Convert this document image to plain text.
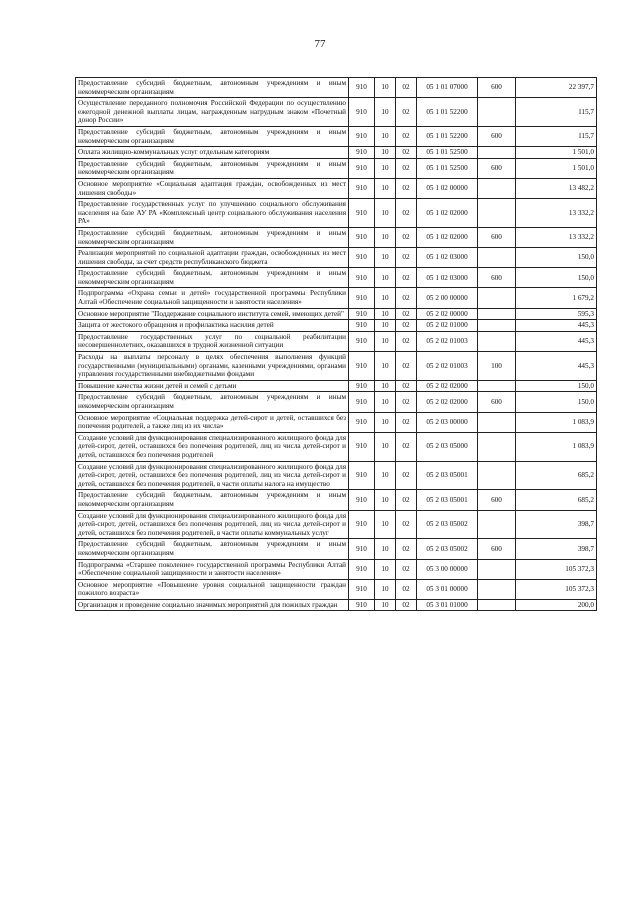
77
Предоставление субсидий бюджетным, автономным учреждениям и иным некоммерческим организациям	910	10	02	05 1 01 07000	600	22 397,7
Осуществление переданного полномочия Российской Федерации по осуществлению ежегодной денежной выплаты лицам, награжденным нагрудным знаком «Почетный донор России»	910	10	02	05 1 01 52200		115,7
Предоставление субсидий бюджетным, автономным учреждениям и иным некоммерческим организациям	910	10	02	05 1 01 52200	600	115,7
Оплата жилищно-коммунальных услуг отдельным категориям	910	10	02	05 1 01 52500		1 501,0
Предоставление субсидий бюджетным, автономным учреждениям и иным некоммерческим организациям	910	10	02	05 1 01 52500	600	1 501,0
Основное мероприятие «Социальная адаптация граждан, освобожденных из мест лишения свободы»	910	10	02	05 1 02 00000		13 482,2
Предоставление государственных услуг по улучшению социального обслуживания населения на базе АУ РА «Комплексный центр социального обслуживания населения РА»	910	10	02	05 1 02 02000		13 332,2
Предоставление субсидий бюджетным, автономным учреждениям и иным некоммерческим организациям	910	10	02	05 1 02 02000	600	13 332,2
Реализация мероприятий по социальной адаптации граждан, освобожденных из мест лишения свободы, за счет средств республиканского бюджета	910	10	02	05 1 02 03000		150,0
Предоставление субсидий бюджетным, автономным учреждениям и иным некоммерческим организациям	910	10	02	05 1 02 03000	600	150,0
Подпрограмма «Охрана семьи и детей» государственной программы Республики Алтай «Обеспечение социальной защищенности и занятости населения»	910	10	02	05 2 00 00000		1 679,2
Основное мероприятие "Поддержание социального института семей, имеющих детей"	910	10	02	05 2 02 00000		595,3
Защита от жестокого обращения и профилактика насилия детей	910	10	02	05 2 02 01000		445,3
Предоставление государственных услуг по социальной реабилитации несовершеннолетних, оказавшихся в трудной жизненной ситуации	910	10	02	05 2 02 01003		445,3
Расходы на выплаты персоналу в целях обеспечения выполнения функций государственными (муниципальными) органами, казенными учреждениями, органами управления государственными внебюджетными фондами	910	10	02	05 2 02 01003	100	445,3
Повышение качества жизни детей и семей с детьми	910	10	02	05 2 02 02000		150,0
Предоставление субсидий бюджетным, автономным учреждениям и иным некоммерческим организациям	910	10	02	05 2 02 02000	600	150,0
Основное мероприятие «Социальная поддержка детей-сирот и детей, оставшихся без попечения родителей, а также лиц из их числа»	910	10	02	05 2 03 00000		1 083,9
Создание условий для функционирования специализированного жилищного фонда для детей-сирот, детей, оставшихся без попечения родителей, лиц из числа детей-сирот и детей, оставшихся без попечения родителей	910	10	02	05 2 03 05000		1 083,9
Создание условий для функционирования специализированного жилищного фонда для детей-сирот, детей, оставшихся без попечения родителей, лиц из числа детей-сирот и детей, оставшихся без попечения родителей, в части оплаты налога на имущество	910	10	02	05 2 03 05001		685,2
Предоставление субсидий бюджетным, автономным учреждениям и иным некоммерческим организациям	910	10	02	05 2 03 05001	600	685,2
Создание условий для функционирования специализированного жилищного фонда для детей-сирот, детей, оставшихся без попечения родителей, лиц из числа детей-сирот и детей, оставшихся без попечения родителей, в части оплаты коммунальных услуг	910	10	02	05 2 03 05002		398,7
Предоставление субсидий бюджетным, автономным учреждениям и иным некоммерческим организациям	910	10	02	05 2 03 05002	600	398,7
Подпрограмма «Старшее поколение» государственной программы Республики Алтай «Обеспечение социальной защищенности и занятости населения»	910	10	02	05 3 00 00000		105 372,3
Основное мероприятие «Повышение уровня социальной защищенности граждан пожилого возраста»	910	10	02	05 3 01 00000		105 372,3
Организация и проведение социально значимых мероприятий для пожилых граждан	910	10	02	05 3 01 01000		200,0
